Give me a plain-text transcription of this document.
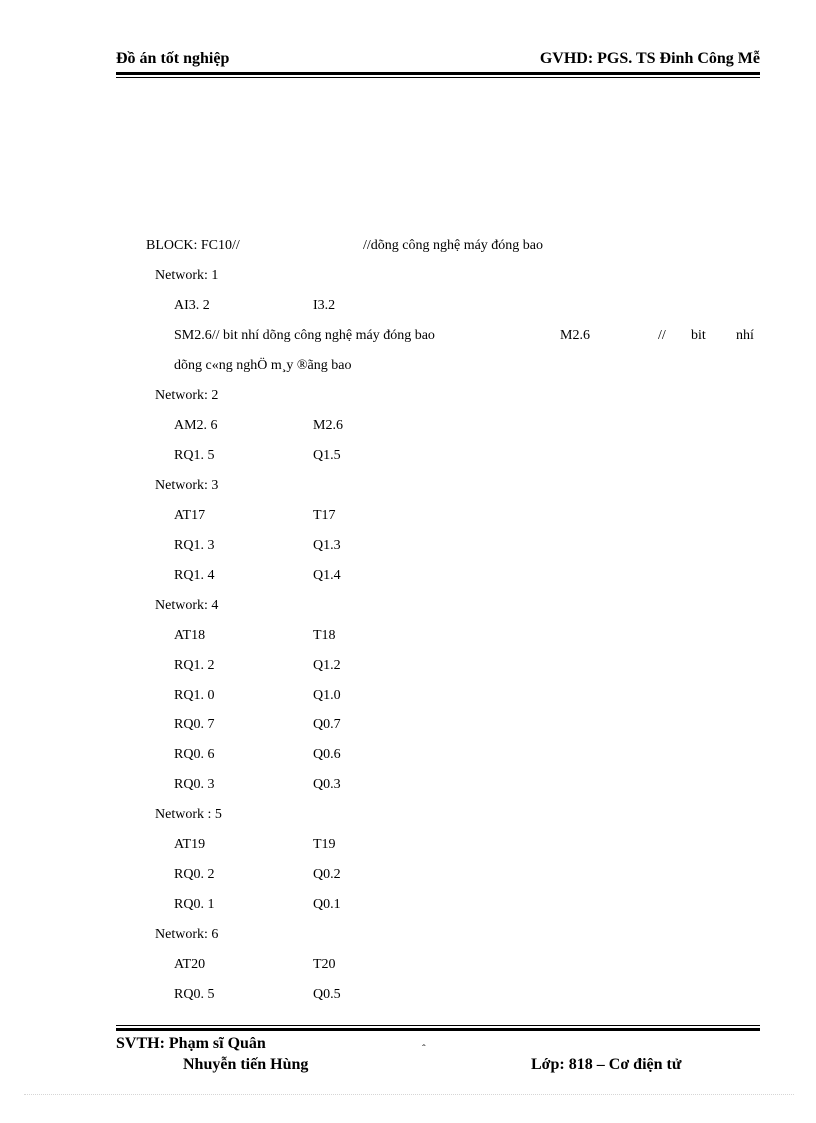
Đồ án tốt nghiệp	GVHD: PGS. TS Đinh Công Mễ
BLOCK: FC10//	//dõng công nghệ máy đóng bao
Network: 1
AI3. 2	I3.2
SM2.6// bit nhí dõng công nghệ máy đóng bao	M2.6	// bit nhí
dõng c«ng nghÖ m¸y ®ãng bao
Network: 2
AM2. 6	M2.6
RQ1. 5	Q1.5
Network: 3
AT17	T17
RQ1. 3	Q1.3
RQ1. 4	Q1.4
Network: 4
AT18	T18
RQ1. 2	Q1.2
RQ1. 0	Q1.0
RQ0. 7	Q0.7
RQ0. 6	Q0.6
RQ0. 3	Q0.3
Network : 5
AT19	T19
RQ0. 2	Q0.2
RQ0. 1	Q0.1
Network: 6
AT20	T20
RQ0. 5	Q0.5
SVTH: Phạm sĩ Quân
Nhuyễn tiến Hùng
ˆ
Lớp: 818 – Cơ điện tử
